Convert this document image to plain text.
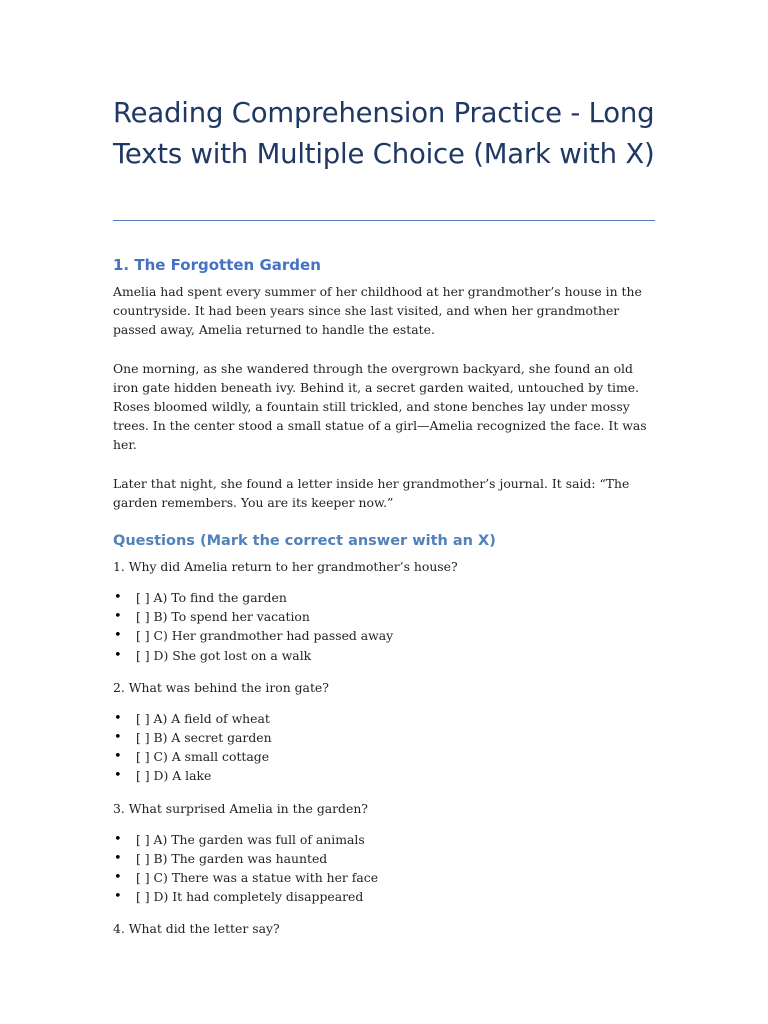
Reading Comprehension Practice - Long Texts with Multiple Choice (Mark with X)
1. The Forgotten Garden

Amelia had spent every summer of her childhood at her grandmother’s house in the countryside. It had been years since she last visited, and when her grandmother passed away, Amelia returned to handle the estate.

One morning, as she wandered through the overgrown backyard, she found an old iron gate hidden beneath ivy. Behind it, a secret garden waited, untouched by time. Roses bloomed wildly, a fountain still trickled, and stone benches lay under mossy trees. In the center stood a small statue of a girl—Amelia recognized the face. It was her.

Later that night, she found a letter inside her grandmother’s journal. It said: “The garden remembers. You are its keeper now.”

Questions (Mark the correct answer with an X)

1. Why did Amelia return to her grandmother’s house?

• [ ] A) To find the garden
• [ ] B) To spend her vacation
• [ ] C) Her grandmother had passed away
• [ ] D) She got lost on a walk

2. What was behind the iron gate?

• [ ] A) A field of wheat
• [ ] B) A secret garden
• [ ] C) A small cottage
• [ ] D) A lake

3. What surprised Amelia in the garden?

• [ ] A) The garden was full of animals
• [ ] B) The garden was haunted
• [ ] C) There was a statue with her face
• [ ] D) It had completely disappeared

4. What did the letter say?
